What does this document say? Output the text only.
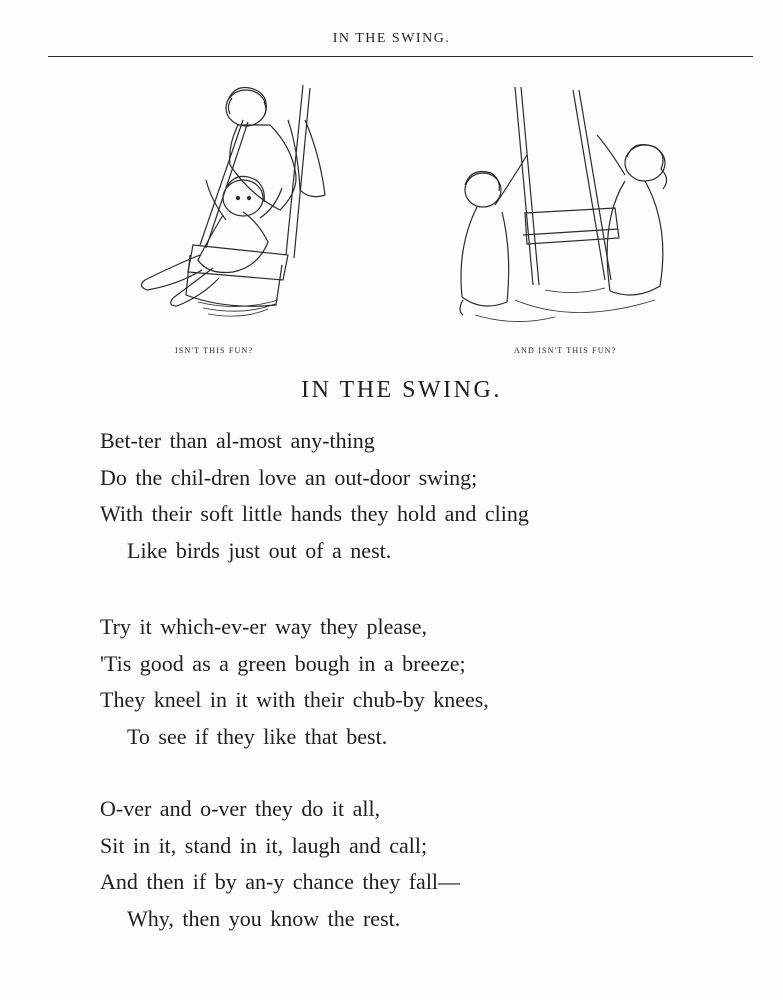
IN THE SWING.
ISN'T THIS FUN?	AND ISN'T THIS FUN?
IN THE SWING.
Bet-ter than al-most any-thing
Do the chil-dren love an out-door swing;
With their soft little hands they hold and cling
Like birds just out of a nest.
Try it which-ev-er way they please,
'Tis good as a green bough in a breeze;
They kneel in it with their chub-by knees,
To see if they like that best.
O-ver and o-ver they do it all,
Sit in it, stand in it, laugh and call;
And then if by an-y chance they fall—
Why, then you know the rest.
